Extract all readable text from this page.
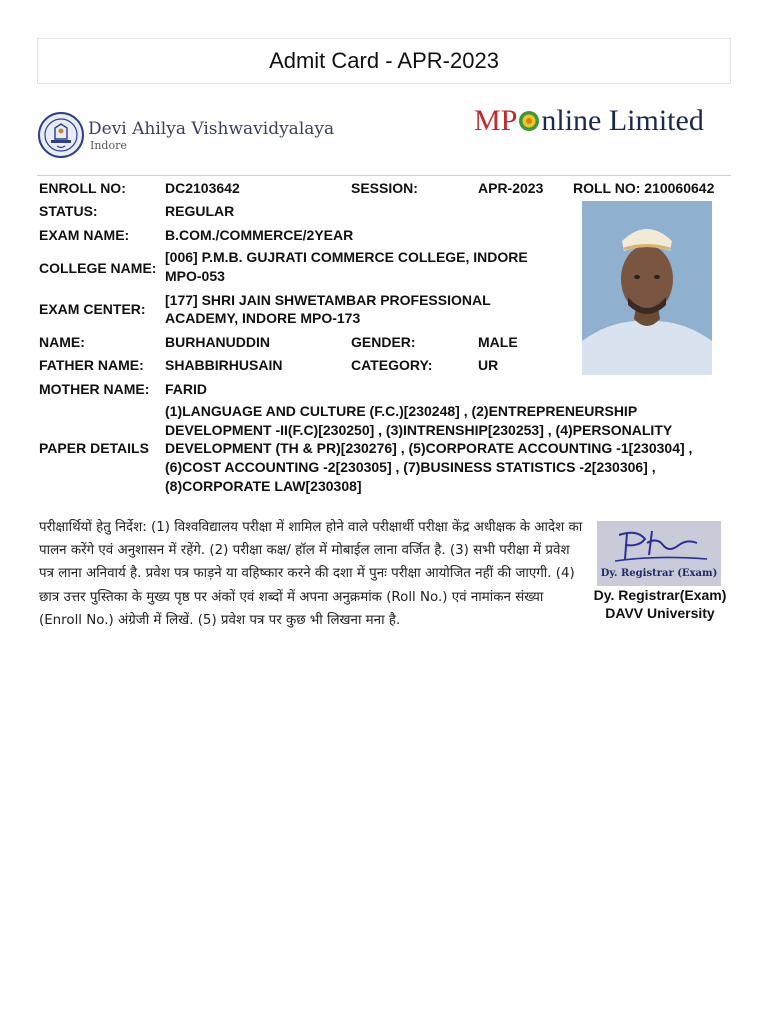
Admit Card - APR-2023
Devi Ahilya Vishwavidyalaya
Indore
MP nline Limited
ENROLL NO:	DC2103642	SESSION:	APR-2023 ROLL NO: 210060642
STATUS:	REGULAR
EXAM NAME:	B.COM./COMMERCE/2YEAR
COLLEGE NAME:
[006] P.M.B. GUJRATI COMMERCE COLLEGE, INDORE
MPO-053
EXAM CENTER:
[177] SHRI JAIN SHWETAMBAR PROFESSIONAL
ACADEMY, INDORE MPO-173
NAME:	BURHANUDDIN	GENDER:	MALE
FATHER NAME: SHABBIRHUSAIN	CATEGORY:	UR
MOTHER NAME: FARID
PAPER DETAILS
(1)LANGUAGE AND CULTURE (F.C.)[230248] , (2)ENTREPRENEURSHIP
DEVELOPMENT -II(F.C)[230250] , (3)INTRENSHIP[230253] , (4)PERSONALITY
DEVELOPMENT (TH & PR)[230276] , (5)CORPORATE ACCOUNTING -1[230304] ,
(6)COST ACCOUNTING -2[230305] , (7)BUSINESS STATISTICS -2[230306] ,
(8)CORPORATE LAW[230308]
परीक्षार्थियों हेतु निर्देश: (1) विश्वविद्यालय परीक्षा में शामिल होने वाले परीक्षार्थी परीक्षा केंद्र अधीक्षक के आदेश का पालन करेंगे एवं अनुशासन में रहेंगे. (2) परीक्षा कक्ष/ हॉल में मोबाईल लाना वर्जित है. (3) सभी परीक्षा में प्रवेश पत्र लाना अनिवार्य है. प्रवेश पत्र फाड़ने या वहिष्कार करने की दशा में पुनः परीक्षा आयोजित नहीं की जाएगी. (4) छात्र उत्तर पुस्तिका के मुख्य पृष्ठ पर अंकों एवं शब्दों में अपना अनुक्रमांक (Roll No.) एवं नामांकन संख्या (Enroll No.) अंग्रेजी में लिखें. (5) प्रवेश पत्र पर कुछ भी लिखना मना है.
Dy. Registrar (Exam)
Dy. Registrar(Exam)
DAVV University
